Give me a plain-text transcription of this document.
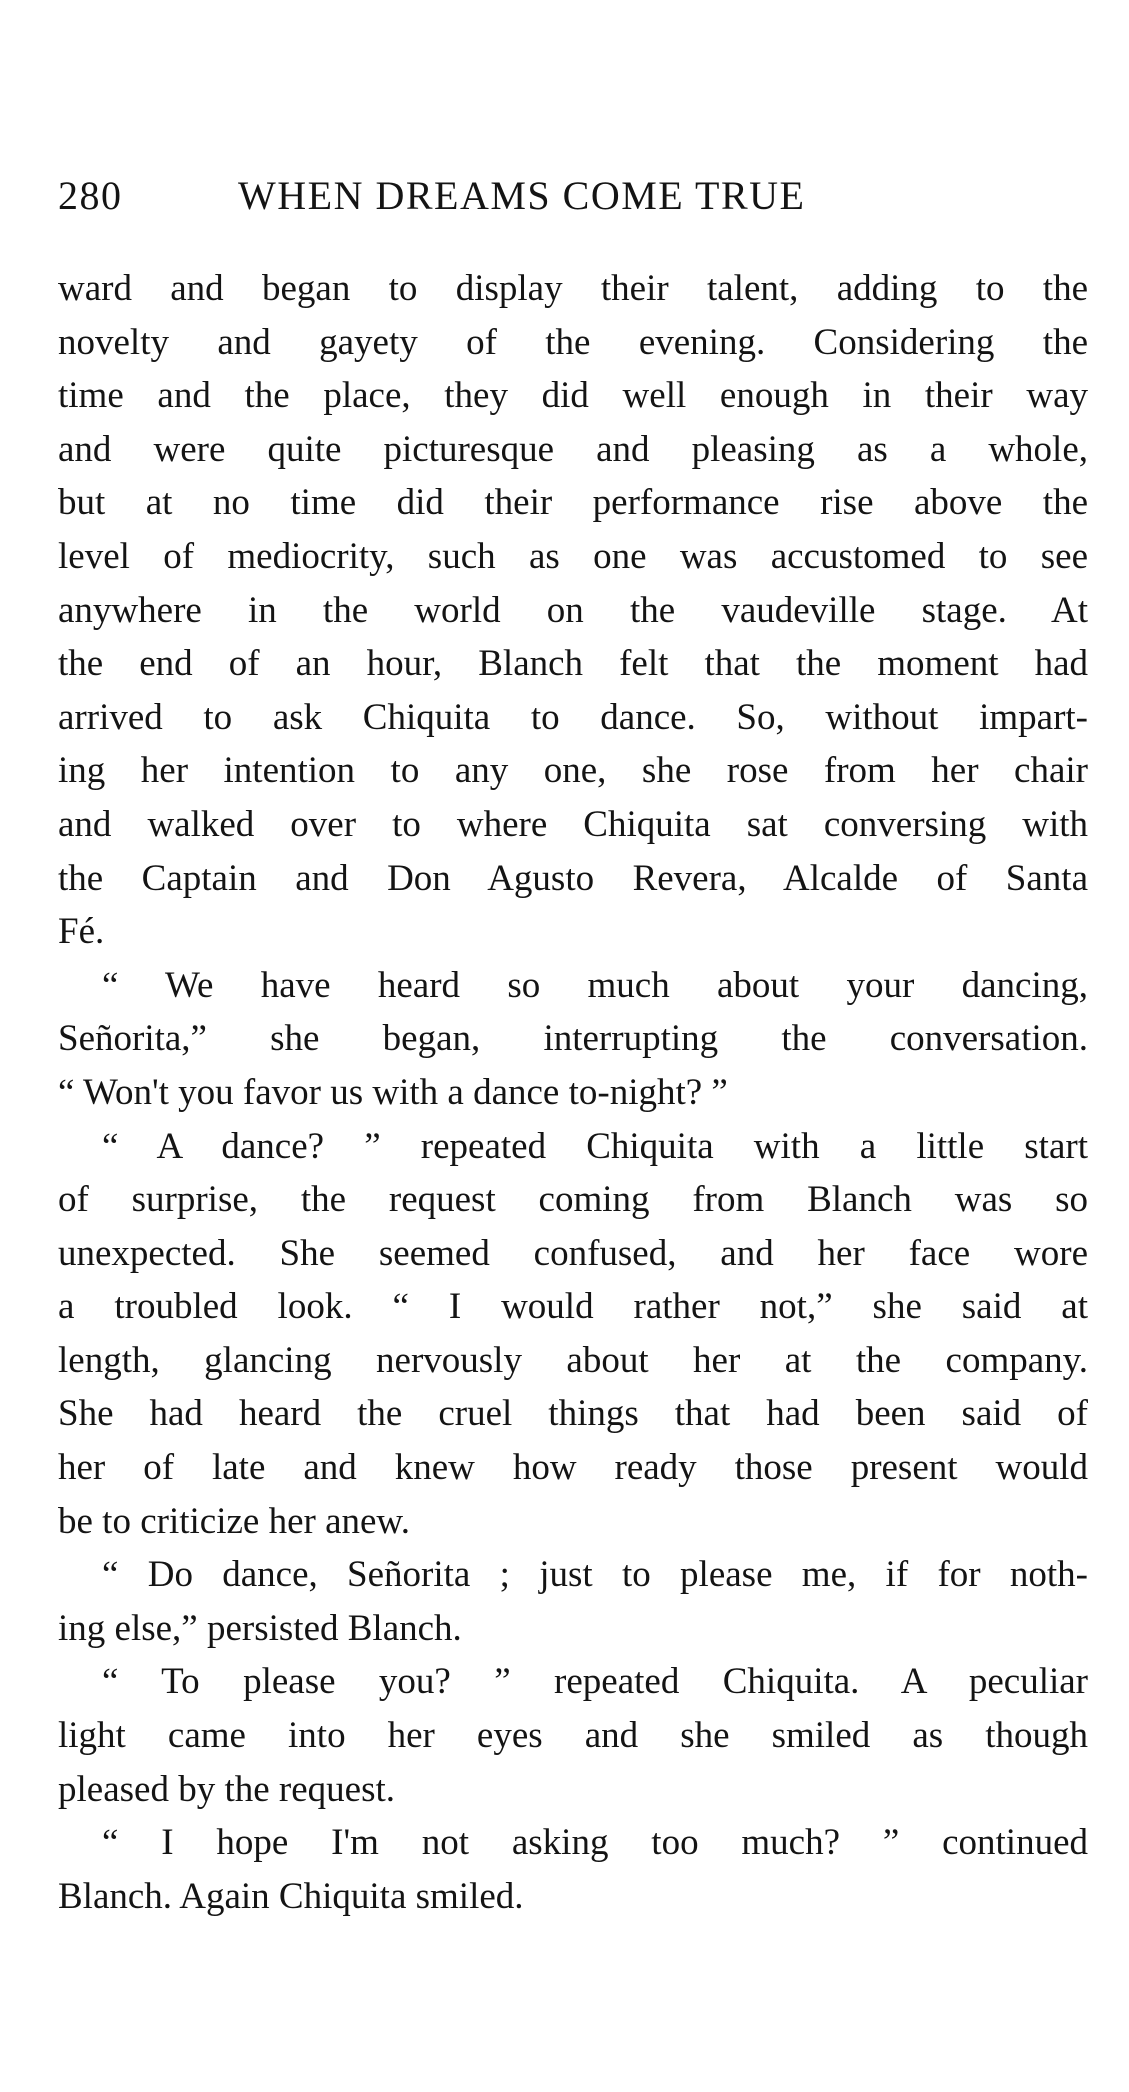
280	WHEN DREAMS COME TRUE
ward and began to display their talent, adding to the
novelty and gayety of the evening. Considering the
time and the place, they did well enough in their way
and were quite picturesque and pleasing as a whole,
but at no time did their performance rise above the
level of mediocrity, such as one was accustomed to see
anywhere in the world on the vaudeville stage. At
the end of an hour, Blanch felt that the moment had
arrived to ask Chiquita to dance. So, without impart-
ing her intention to any one, she rose from her chair
and walked over to where Chiquita sat conversing with
the Captain and Don Agusto Revera, Alcalde of Santa
Fé.
“ We have heard so much about your dancing,
Señorita,” she began, interrupting the conversation.
“ Won't you favor us with a dance to-night? ”
“ A dance? ” repeated Chiquita with a little start
of surprise, the request coming from Blanch was so
unexpected. She seemed confused, and her face wore
a troubled look. “ I would rather not,” she said at
length, glancing nervously about her at the company.
She had heard the cruel things that had been said of
her of late and knew how ready those present would
be to criticize her anew.
“ Do dance, Señorita ; just to please me, if for noth-
ing else,” persisted Blanch.
“ To please you? ” repeated Chiquita. A peculiar
light came into her eyes and she smiled as though
pleased by the request.
“ I hope I'm not asking too much? ” continued
Blanch. Again Chiquita smiled.
